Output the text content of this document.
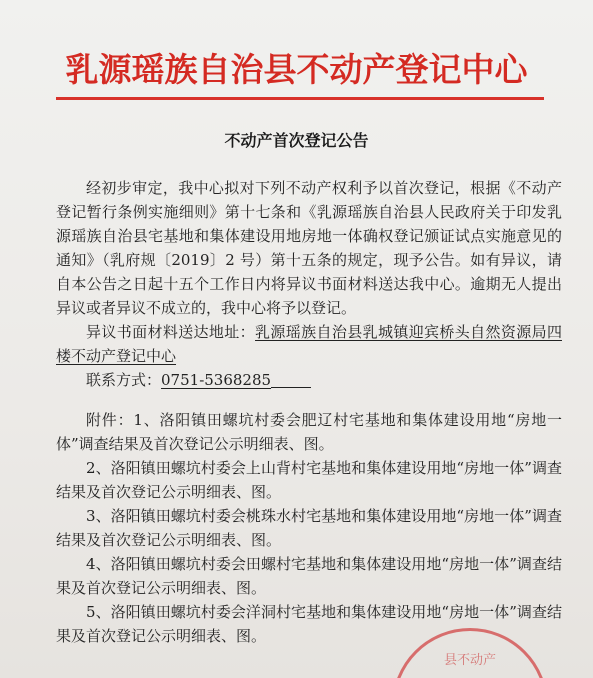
乳源瑶族自治县不动产登记中心
不动产首次登记公告

经初步审定，我中心拟对下列不动产权利予以首次登记，根据《不动产登记暂行条例实施细则》第十七条和《乳源瑶族自治县人民政府关于印发乳源瑶族自治县宅基地和集体建设用地房地一体确权登记颁证试点实施意见的通知》（乳府规〔2019〕2 号）第十五条的规定，现予公告。如有异议，请自本公告之日起十五个工作日内将异议书面材料送达我中心。逾期无人提出异议或者异议不成立的，我中心将予以登记。

异议书面材料送达地址：乳源瑶族自治县乳城镇迎宾桥头自然资源局四楼不动产登记中心

联系方式：0751-5368285

附件：1、洛阳镇田螺坑村委会肥辽村宅基地和集体建设用地“房地一体”调查结果及首次登记公示明细表、图。

2、洛阳镇田螺坑村委会上山背村宅基地和集体建设用地“房地一体”调查结果及首次登记公示明细表、图。

3、洛阳镇田螺坑村委会桃珠水村宅基地和集体建设用地“房地一体”调查结果及首次登记公示明细表、图。

4、洛阳镇田螺坑村委会田螺村宅基地和集体建设用地“房地一体”调查结果及首次登记公示明细表、图。

5、洛阳镇田螺坑村委会洋洞村宅基地和集体建设用地“房地一体”调查结果及首次登记公示明细表、图。

县不动产
